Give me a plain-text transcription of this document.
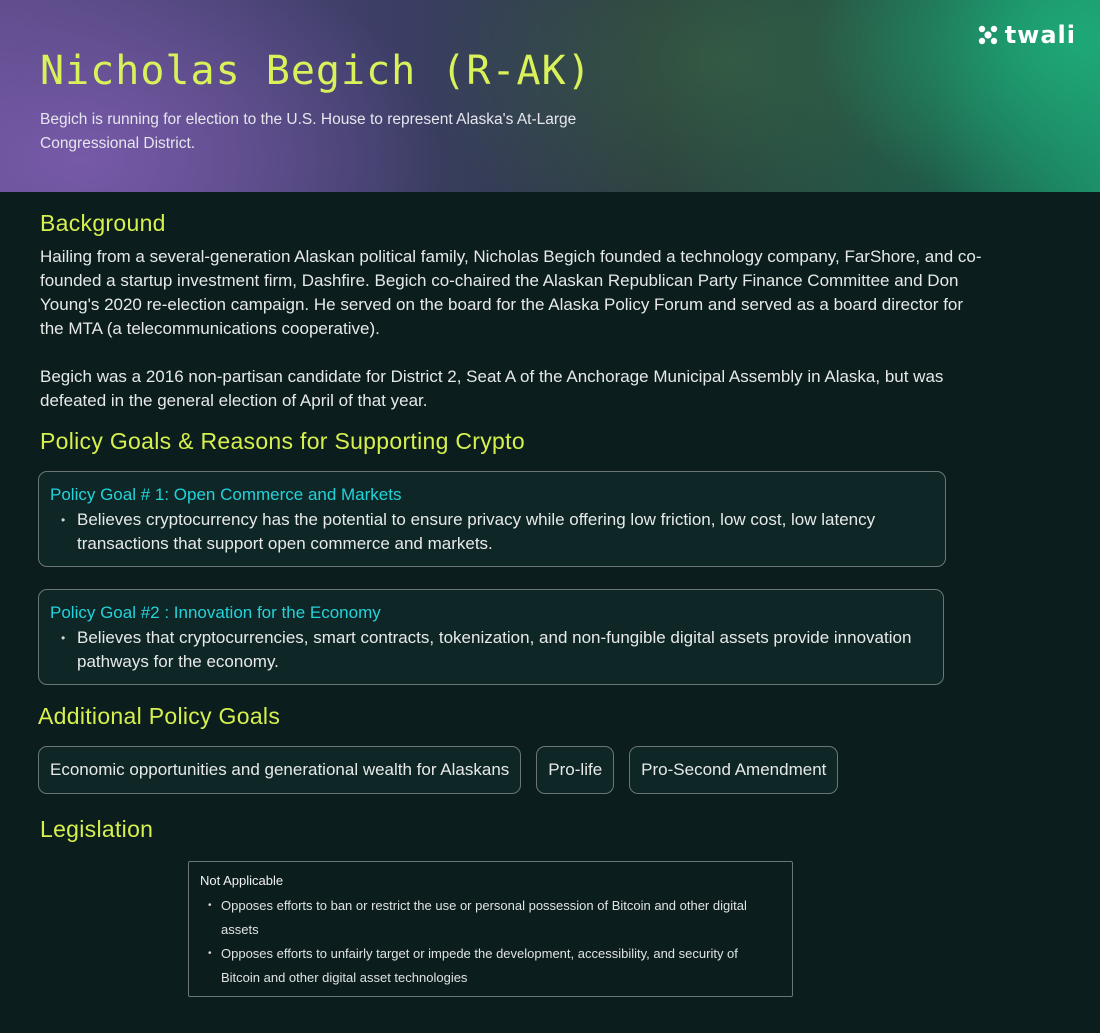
Nicholas Begich (R-AK)

Begich is running for election to the U.S. House to represent Alaska's At-Large Congressional District.

twali
Background

Hailing from a several-generation Alaskan political family, Nicholas Begich founded a technology company, FarShore, and co-founded a startup investment firm, Dashfire. Begich co-chaired the Alaskan Republican Party Finance Committee and Don Young's 2020 re-election campaign. He served on the board for the Alaska Policy Forum and served as a board director for the MTA (a telecommunications cooperative).

Begich was a 2016 non-partisan candidate for District 2, Seat A of the Anchorage Municipal Assembly in Alaska, but was defeated in the general election of April of that year.

Policy Goals & Reasons for Supporting Crypto
Policy Goal # 1: Open Commerce and Markets
• Believes cryptocurrency has the potential to ensure privacy while offering low friction, low cost, low latency transactions that support open commerce and markets.
Policy Goal #2 : Innovation for the Economy
• Believes that cryptocurrencies, smart contracts, tokenization, and non-fungible digital assets provide innovation pathways for the economy.
Additional Policy Goals
Economic opportunities and generational wealth for Alaskans	Pro-life	Pro-Second Amendment
Legislation
Not Applicable
• Opposes efforts to ban or restrict the use or personal possession of Bitcoin and other digital assets
• Opposes efforts to unfairly target or impede the development, accessibility, and security of Bitcoin and other digital asset technologies
